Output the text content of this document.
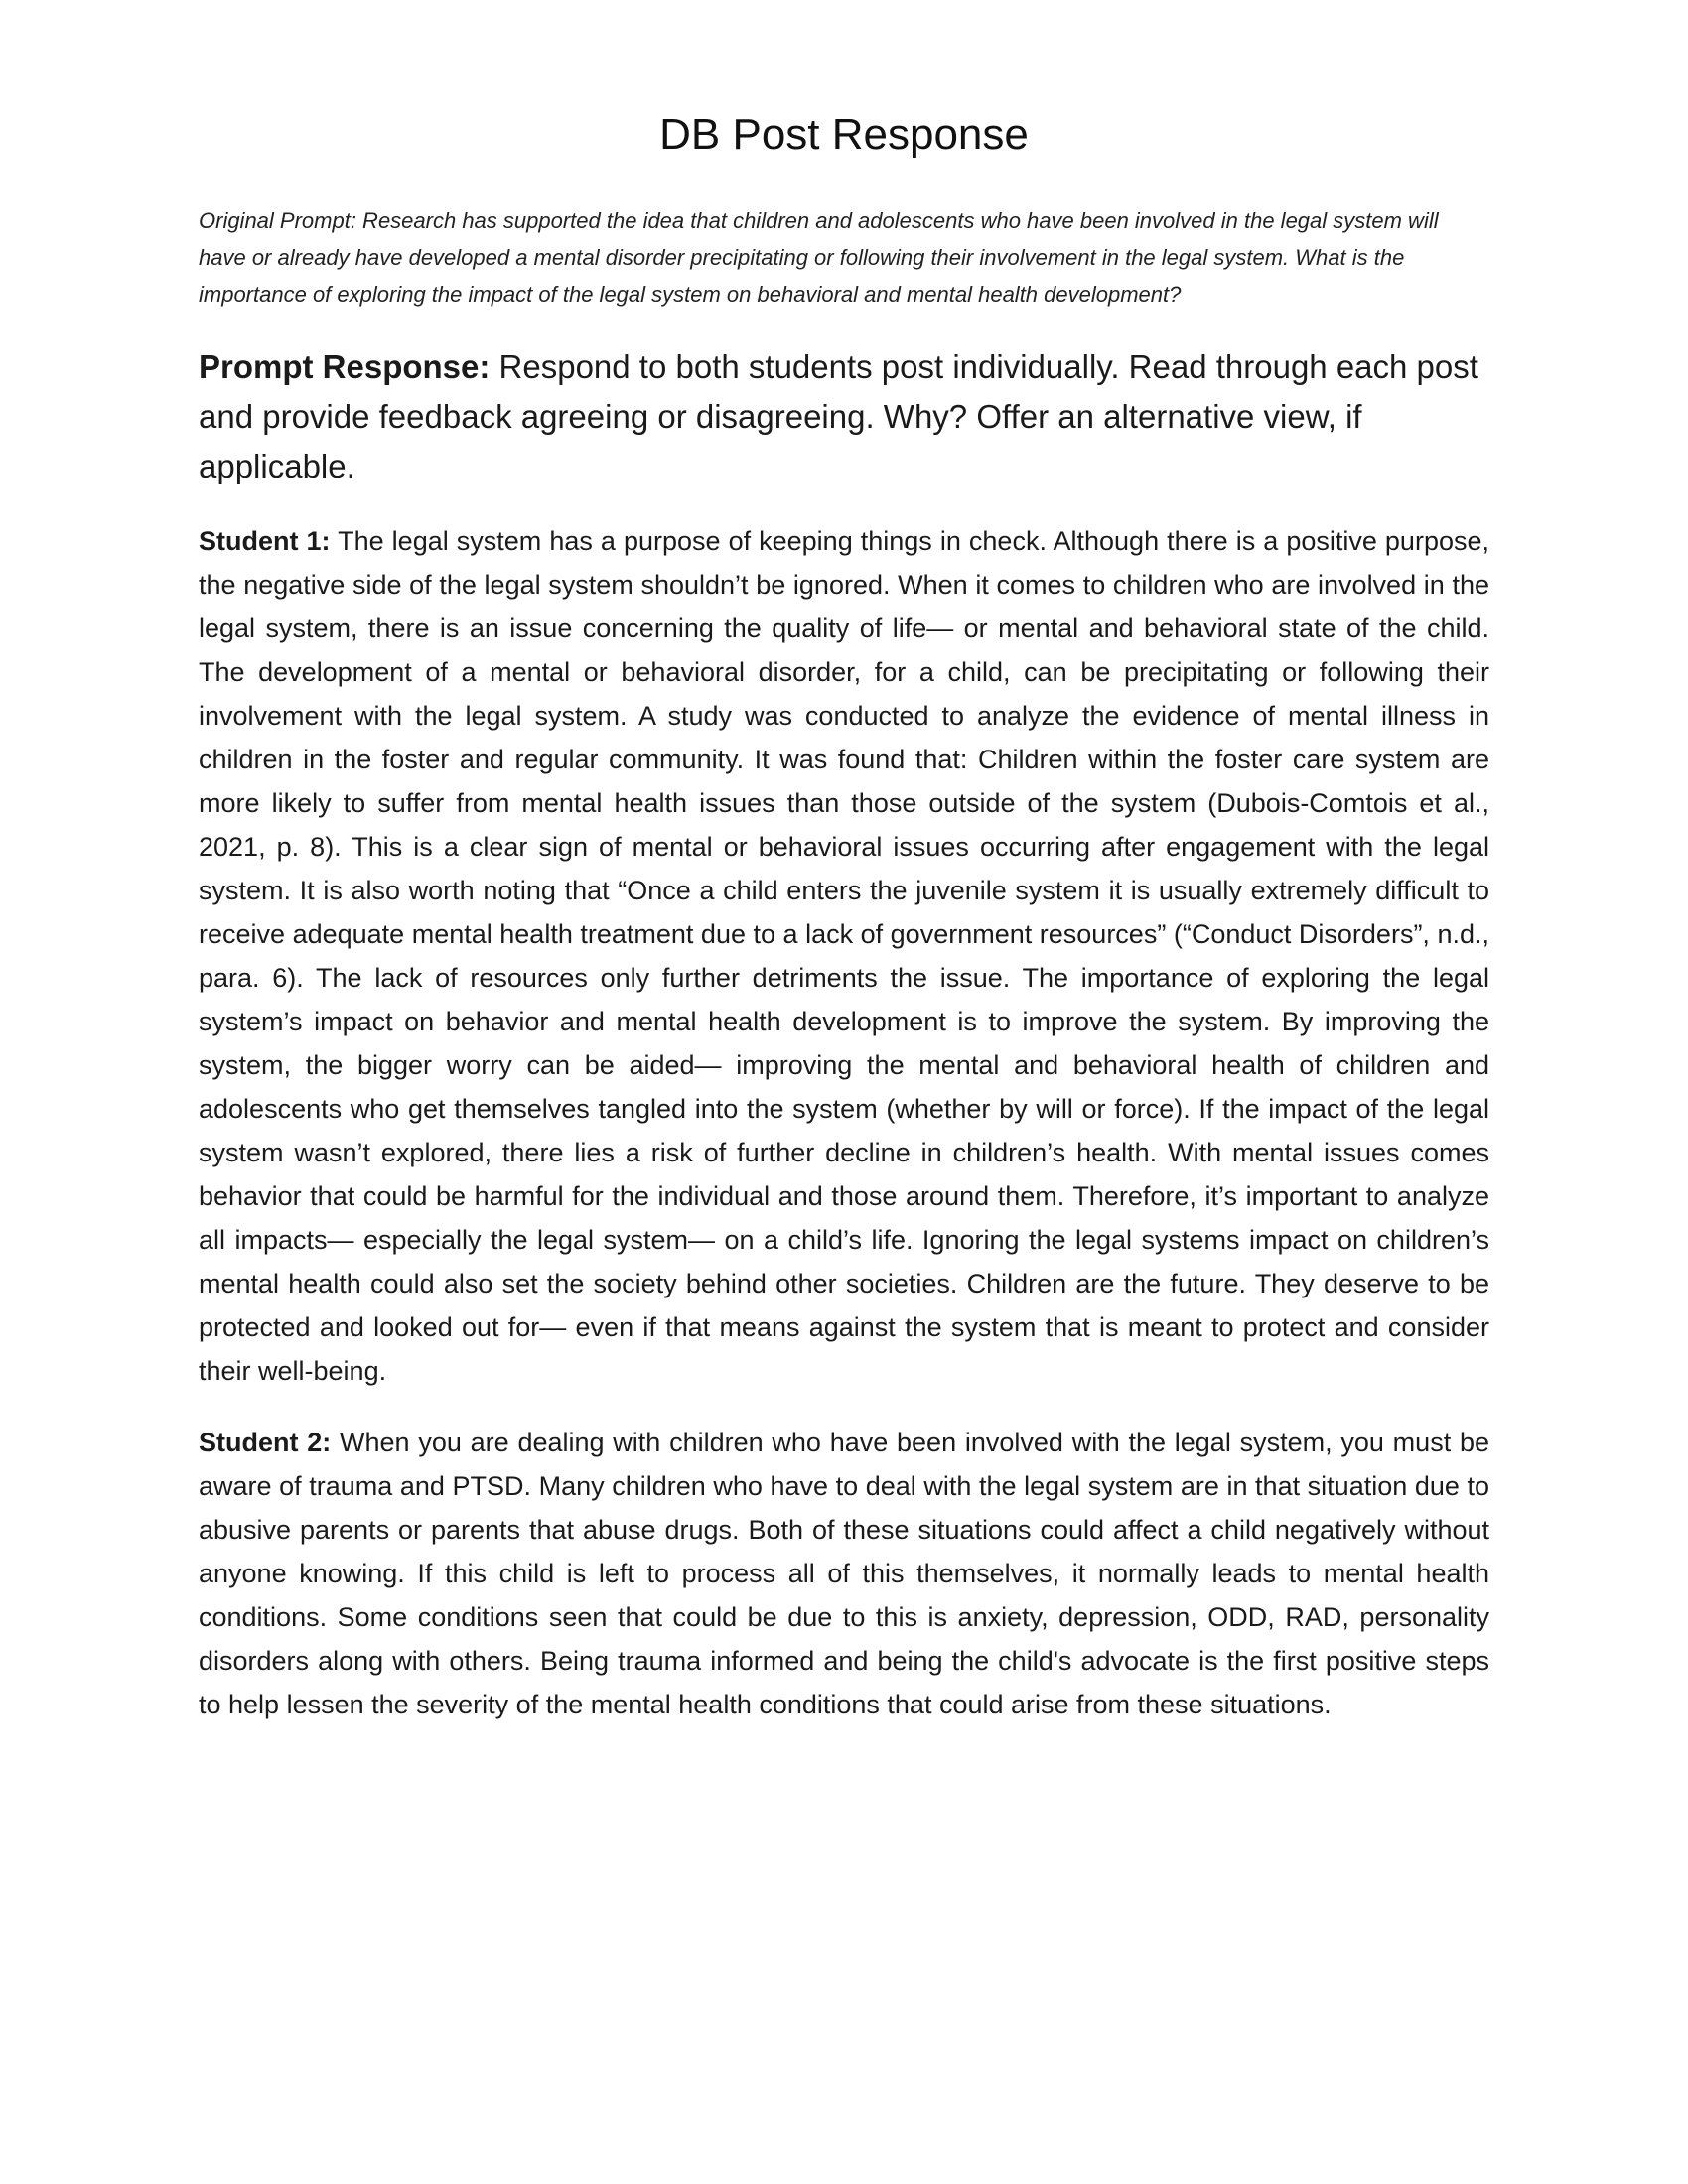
DB Post Response

Original Prompt: Research has supported the idea that children and adolescents who have been involved in the legal system will have or already have developed a mental disorder precipitating or following their involvement in the legal system. What is the importance of exploring the impact of the legal system on behavioral and mental health development?

Prompt Response: Respond to both students post individually. Read through each post and provide feedback agreeing or disagreeing. Why? Offer an alternative view, if applicable.

Student 1: The legal system has a purpose of keeping things in check. Although there is a positive purpose, the negative side of the legal system shouldn’t be ignored. When it comes to children who are involved in the legal system, there is an issue concerning the quality of life— or mental and behavioral state of the child. The development of a mental or behavioral disorder, for a child, can be precipitating or following their involvement with the legal system. A study was conducted to analyze the evidence of mental illness in children in the foster and regular community. It was found that: Children within the foster care system are more likely to suffer from mental health issues than those outside of the system (Dubois-Comtois et al., 2021, p. 8). This is a clear sign of mental or behavioral issues occurring after engagement with the legal system. It is also worth noting that “Once a child enters the juvenile system it is usually extremely difficult to receive adequate mental health treatment due to a lack of government resources” (“Conduct Disorders”, n.d., para. 6). The lack of resources only further detriments the issue. The importance of exploring the legal system’s impact on behavior and mental health development is to improve the system. By improving the system, the bigger worry can be aided— improving the mental and behavioral health of children and adolescents who get themselves tangled into the system (whether by will or force). If the impact of the legal system wasn’t explored, there lies a risk of further decline in children’s health. With mental issues comes behavior that could be harmful for the individual and those around them. Therefore, it’s important to analyze all impacts— especially the legal system— on a child’s life. Ignoring the legal systems impact on children’s mental health could also set the society behind other societies. Children are the future. They deserve to be protected and looked out for— even if that means against the system that is meant to protect and consider their well-being.

Student 2: When you are dealing with children who have been involved with the legal system, you must be aware of trauma and PTSD. Many children who have to deal with the legal system are in that situation due to abusive parents or parents that abuse drugs. Both of these situations could affect a child negatively without anyone knowing. If this child is left to process all of this themselves, it normally leads to mental health conditions. Some conditions seen that could be due to this is anxiety, depression, ODD, RAD, personality disorders along with others. Being trauma informed and being the child's advocate is the first positive steps to help lessen the severity of the mental health conditions that could arise from these situations.
